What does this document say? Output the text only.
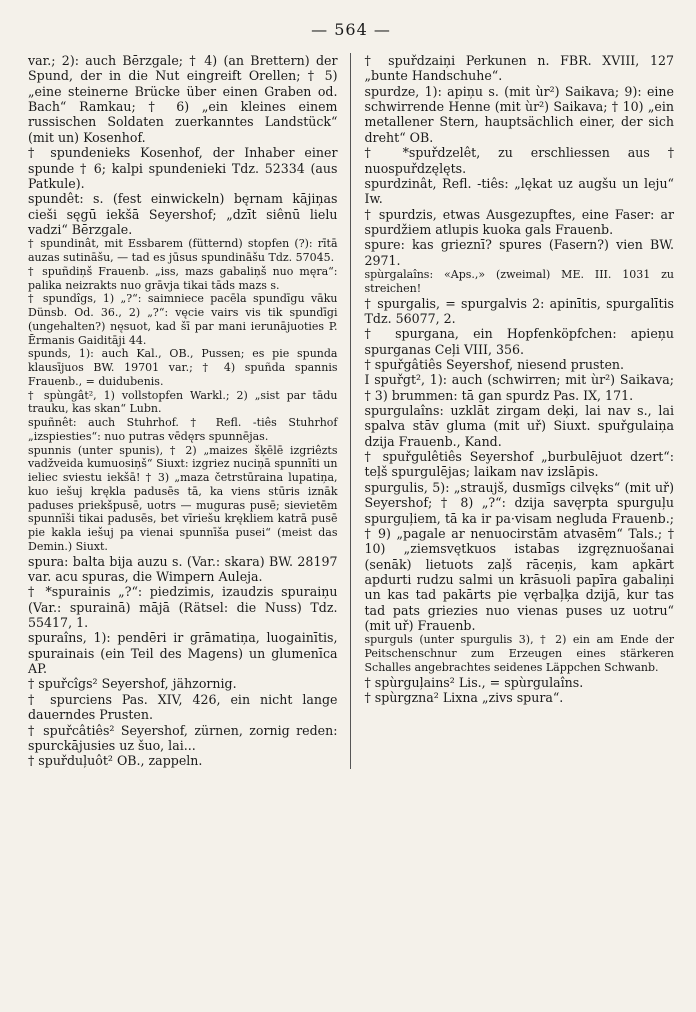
— 564 —

var.; 2): auch Bērzgale; † 4) (an Brettern) der Spund, der in die Nut eingreift Orellen; † 5) „eine steinerne Brücke über einen Graben od. Bach“ Ramkau; † 6) „ein kleines einem russischen Soldaten zuerkanntes Landstück“ (mit un) Kosenhof.

† spundenieks Kosenhof, der Inhaber einer spunde † 6; kalpi spundenieki Tdz. 52334 (aus Patkule).

spundêt: s. (fest einwickeln) bęrnam kājiņas cieši sęgū iekšā Seyershof; „dzīt siênū lielu vadzi“ Bērzgale.

† spundinât, mit Essbarem (fütternd) stopfen (?): rītā auzas sutināšu, — tad es jūsus spundināšu Tdz. 57045.

† spuñdiņš Frauenb. „iss, mazs gabaliņš nuo męra“: palika neizrakts nuo grāvja tikai tāds mazs s.

† spundîgs, 1) „?“: saimniece pacēla spundīgu vāku Dünsb. Od. 36., 2) „?“: vęcie vairs vis tik spundīgi (ungehalten?) nęsuot, kad šī par mani ierunājuoties P. Ērmanis Gaiditāji 44.

spunds, 1): auch Kal., OB., Pussen; es pie spunda klausījuos BW. 19701 var.; † 4) spuñda spannis Frauenb., = duidubenis.

† spùngât², 1) vollstopfen Warkl.; 2) „sist par tādu trauku, kas skan“ Lubn.

spuñnêt: auch Stuhrhof. † Refl. -tiês Stuhrhof „izspiesties“: nuo putras vēdęrs spunnējas.

spunnis (unter spunis), † 2) „maizes šķēlē izgriêzts vadžveida kumuosiņš“ Siuxt: izgriez nuciņā spunnīti un ieliec sviestu iekšā! † 3) „maza četrstūraina lupatiņa, kuo iešuj krękla padusēs tā, ka viens stūris iznāk paduses priekšpusē, uotrs — muguras pusē; sievietēm spunnīši tikai padusēs, bet vīriešu krękliem katrā pusē pie kakla iešuj pa vienai spunnīša pusei“ (meist das Demin.) Siuxt.

spura: balta bija auzu s. (Var.: skara) BW. 28197 var. acu spuras, die Wimpern Auleja.

† *spurainis „?“: piedzimis, izaudzis spuraiņu (Var.: spurainā) mājā (Rätsel: die Nuss) Tdz. 55417, 1.

spuraîns, 1): pendēri ir grāmatiņa, luogainītis, spurainais (ein Teil des Magens) un glumenīca AP.

† spuřcîgs² Seyershof, jähzornig.

† spurciens Pas. XIV, 426, ein nicht lange dauerndes Prusten.

† spuřcâtiês² Seyershof, zürnen, zornig reden: spurckājusies uz šuo, lai...

† spuřduļuôt² OB., zappeln.

† spuřdzaiņi Perkunen n. FBR. XVIII, 127 „bunte Handschuhe“.

spurdze, 1): apiņu s. (mit ùr²) Saikava; 9): eine schwirrende Henne (mit ùr²) Saikava; † 10) „ein metallener Stern, hauptsächlich einer, der sich dreht“ OB.

† *spuřdzelêt, zu erschliessen aus † nuospuřdzęlęts.

spurdzinât, Refl. -tiês: „lękat uz augšu un leju“ Iw.

† spurdzis, etwas Ausgezupftes, eine Faser: ar spurdžiem atlupis kuoka gals Frauenb.

spure: kas grieznī? spures (Fasern?) vien BW. 2971.

spùrgalaîns: «Aps.,» (zweimal) ME. III. 1031 zu streichen!

† spurgalis, = spurgalvis 2: apinītis, spurgalītis Tdz. 56077, 2.

† spurgana, ein Hopfenköpfchen: apieņu spurganas Ceļi VIII, 356.

† spuřgâtiês Seyershof, niesend prusten.

I spuřgt², 1): auch (schwirren; mit ùr²) Saikava; † 3) brummen: tā gan spurdz Pas. IX, 171.

spurgulaîns: uzklāt zirgam deķi, lai nav s., lai spalva stāv gluma (mit uř) Siuxt. spuřgulaiņa dzija Frauenb., Kand.

† spuřgulêtiês Seyershof „burbulējuot dzert“: teļš spurgulējas; laikam nav izslāpis.

spurgulis, 5): „straujš, dusmīgs cilvęks“ (mit uř) Seyershof; † 8) „?“: dzija savęrpta spurguļu spurguļiem, tā ka ir pa·visam negluda Frauenb.; † 9) „pagale ar nenuocirstām atvasēm“ Tals.; † 10) „ziemsvętkuos istabas izgręznuošanai (senāk) lietuots zaļš rāceņis, kam apkārt apdurti rudzu salmi un krāsuoli papīra gabaliņi un kas tad pakārts pie vęrbaļķa dzijā, kur tas tad pats griezies nuo vienas puses uz uotru“ (mit uř) Frauenb.

spurguls (unter spurgulis 3), † 2) ein am Ende der Peitschenschnur zum Erzeugen eines stärkeren Schalles angebrachtes seidenes Läppchen Schwanb.

† spùrguļains² Lis., = spùrgulaîns.

† spùrgzna² Lixna „zivs spura“.
